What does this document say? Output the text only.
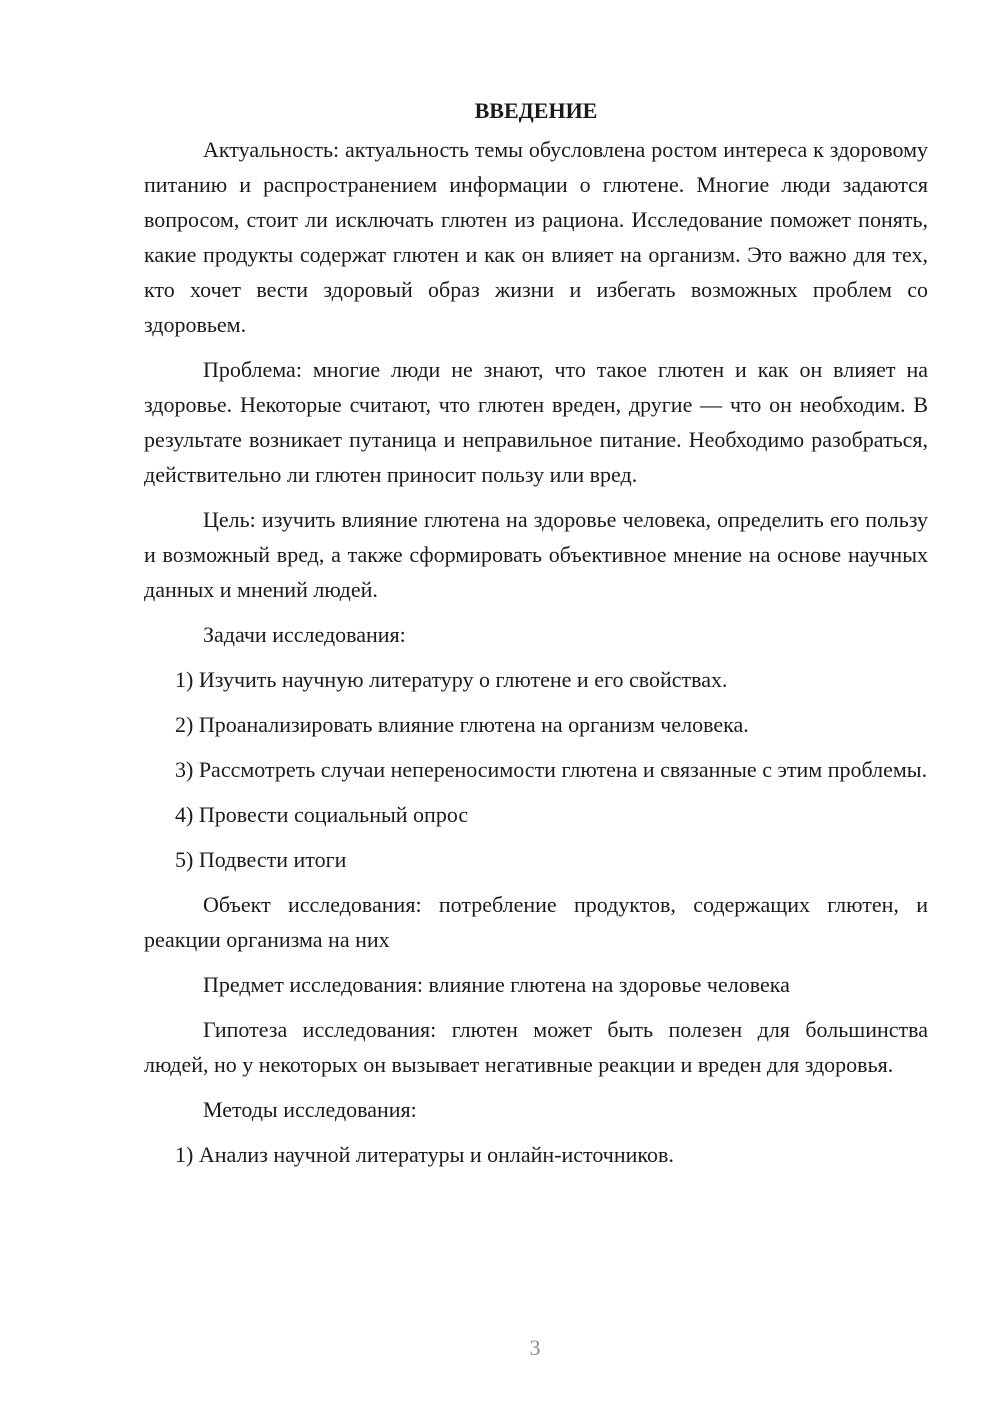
ВВЕДЕНИЕ

Актуальность: актуальность темы обусловлена ростом интереса к здоровому питанию и распространением информации о глютене. Многие люди задаются вопросом, стоит ли исключать глютен из рациона. Исследование поможет понять, какие продукты содержат глютен и как он влияет на организм. Это важно для тех, кто хочет вести здоровый образ жизни и избегать возможных проблем со здоровьем.

Проблема: многие люди не знают, что такое глютен и как он влияет на здоровье. Некоторые считают, что глютен вреден, другие — что он необходим. В результате возникает путаница и неправильное питание. Необходимо разобраться, действительно ли глютен приносит пользу или вред.

Цель: изучить влияние глютена на здоровье человека, определить его пользу и возможный вред, а также сформировать объективное мнение на основе научных данных и мнений людей.

Задачи исследования:

1) Изучить научную литературу о глютене и его свойствах.

2) Проанализировать влияние глютена на организм человека.

3) Рассмотреть случаи непереносимости глютена и связанные с этим проблемы.

4) Провести социальный опрос

5) Подвести итоги

Объект исследования: потребление продуктов, содержащих глютен, и реакции организма на них

Предмет исследования: влияние глютена на здоровье человека

Гипотеза исследования: глютен может быть полезен для большинства людей, но у некоторых он вызывает негативные реакции и вреден для здоровья.

Методы исследования:

1) Анализ научной литературы и онлайн-источников.

3
